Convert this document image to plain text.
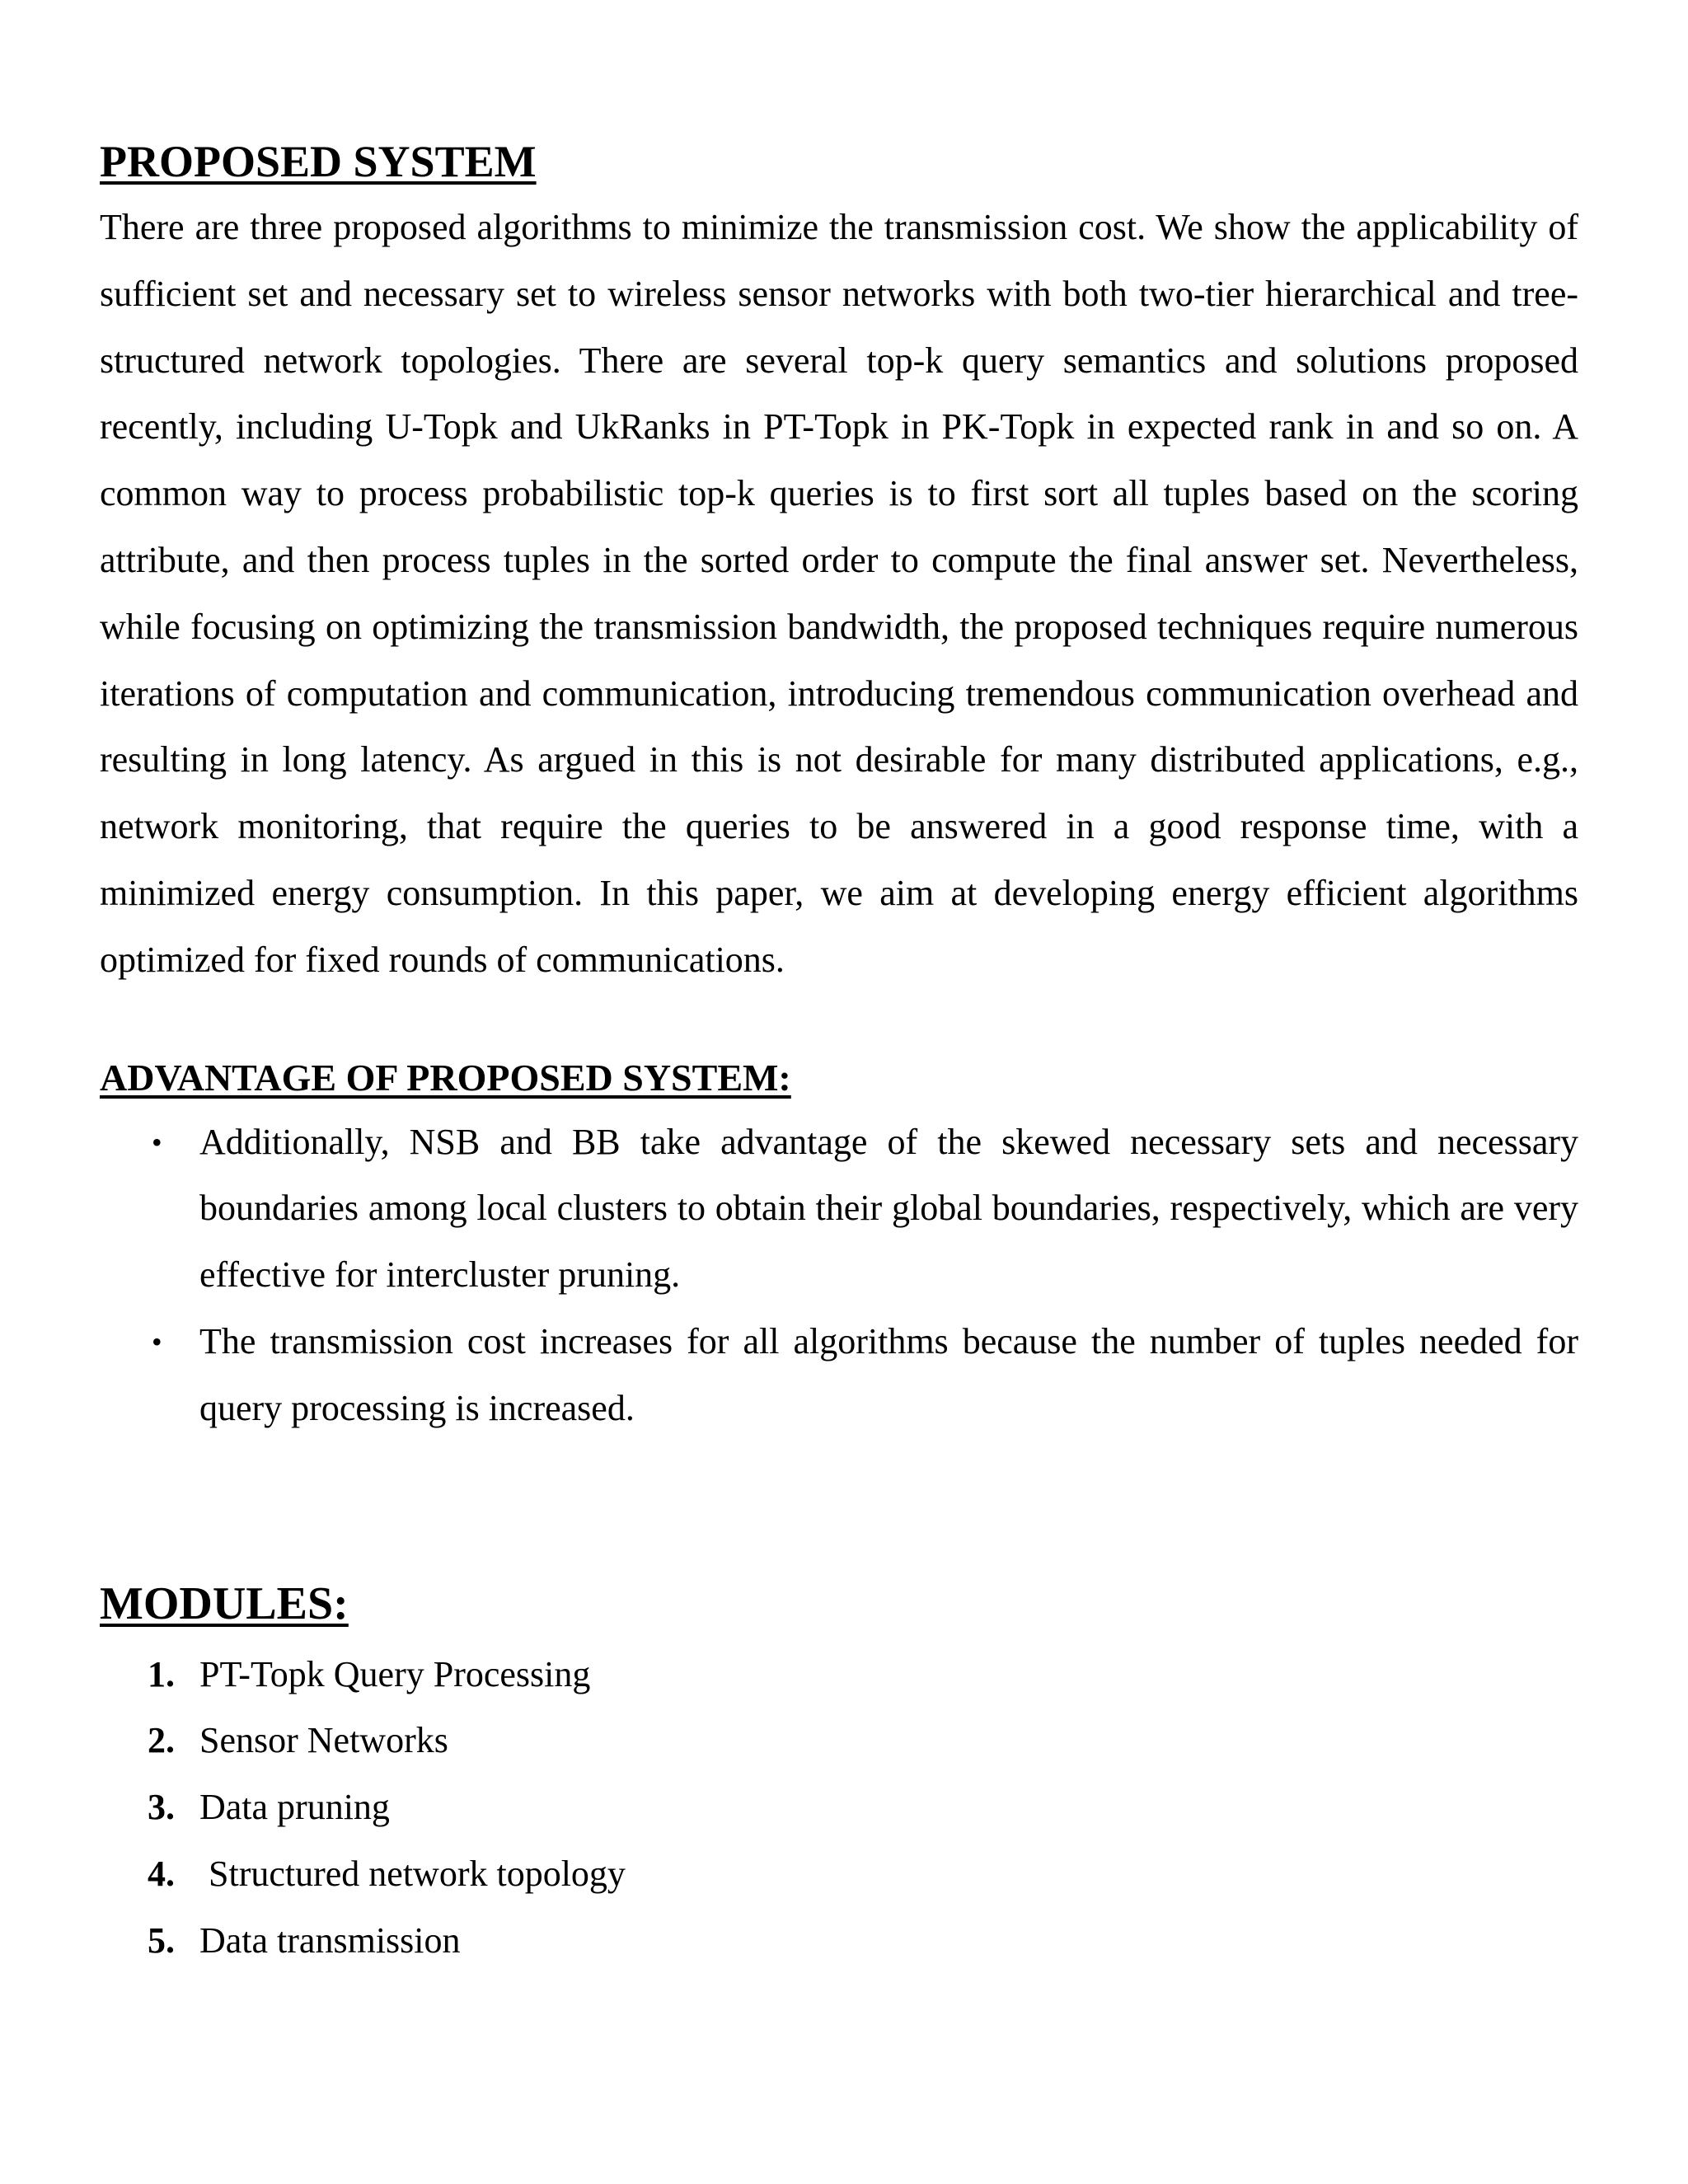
PROPOSED SYSTEM

There are three proposed algorithms to minimize the transmission cost. We show the applicability of sufficient set and necessary set to wireless sensor networks with both two-tier hierarchical and tree-structured network topologies. There are several top-k query semantics and solutions proposed recently, including U-Topk and UkRanks in PT-Topk in PK-Topk in expected rank in and so on. A common way to process probabilistic top-k queries is to first sort all tuples based on the scoring attribute, and then process tuples in the sorted order to compute the final answer set. Nevertheless, while focusing on optimizing the transmission bandwidth, the proposed techniques require numerous iterations of computation and communication, introducing tremendous communication overhead and resulting in long latency. As argued in this is not desirable for many distributed applications, e.g., network monitoring, that require the queries to be answered in a good response time, with a minimized energy consumption. In this paper, we aim at developing energy efficient algorithms optimized for fixed rounds of communications.

ADVANTAGE OF PROPOSED SYSTEM:
• Additionally, NSB and BB take advantage of the skewed necessary sets and necessary boundaries among local clusters to obtain their global boundaries, respectively, which are very effective for intercluster pruning.
• The transmission cost increases for all algorithms because the number of tuples needed for query processing is increased.
MODULES:
1. PT-Topk Query Processing
2. Sensor Networks
3. Data pruning
4. Structured network topology
5. Data transmission
